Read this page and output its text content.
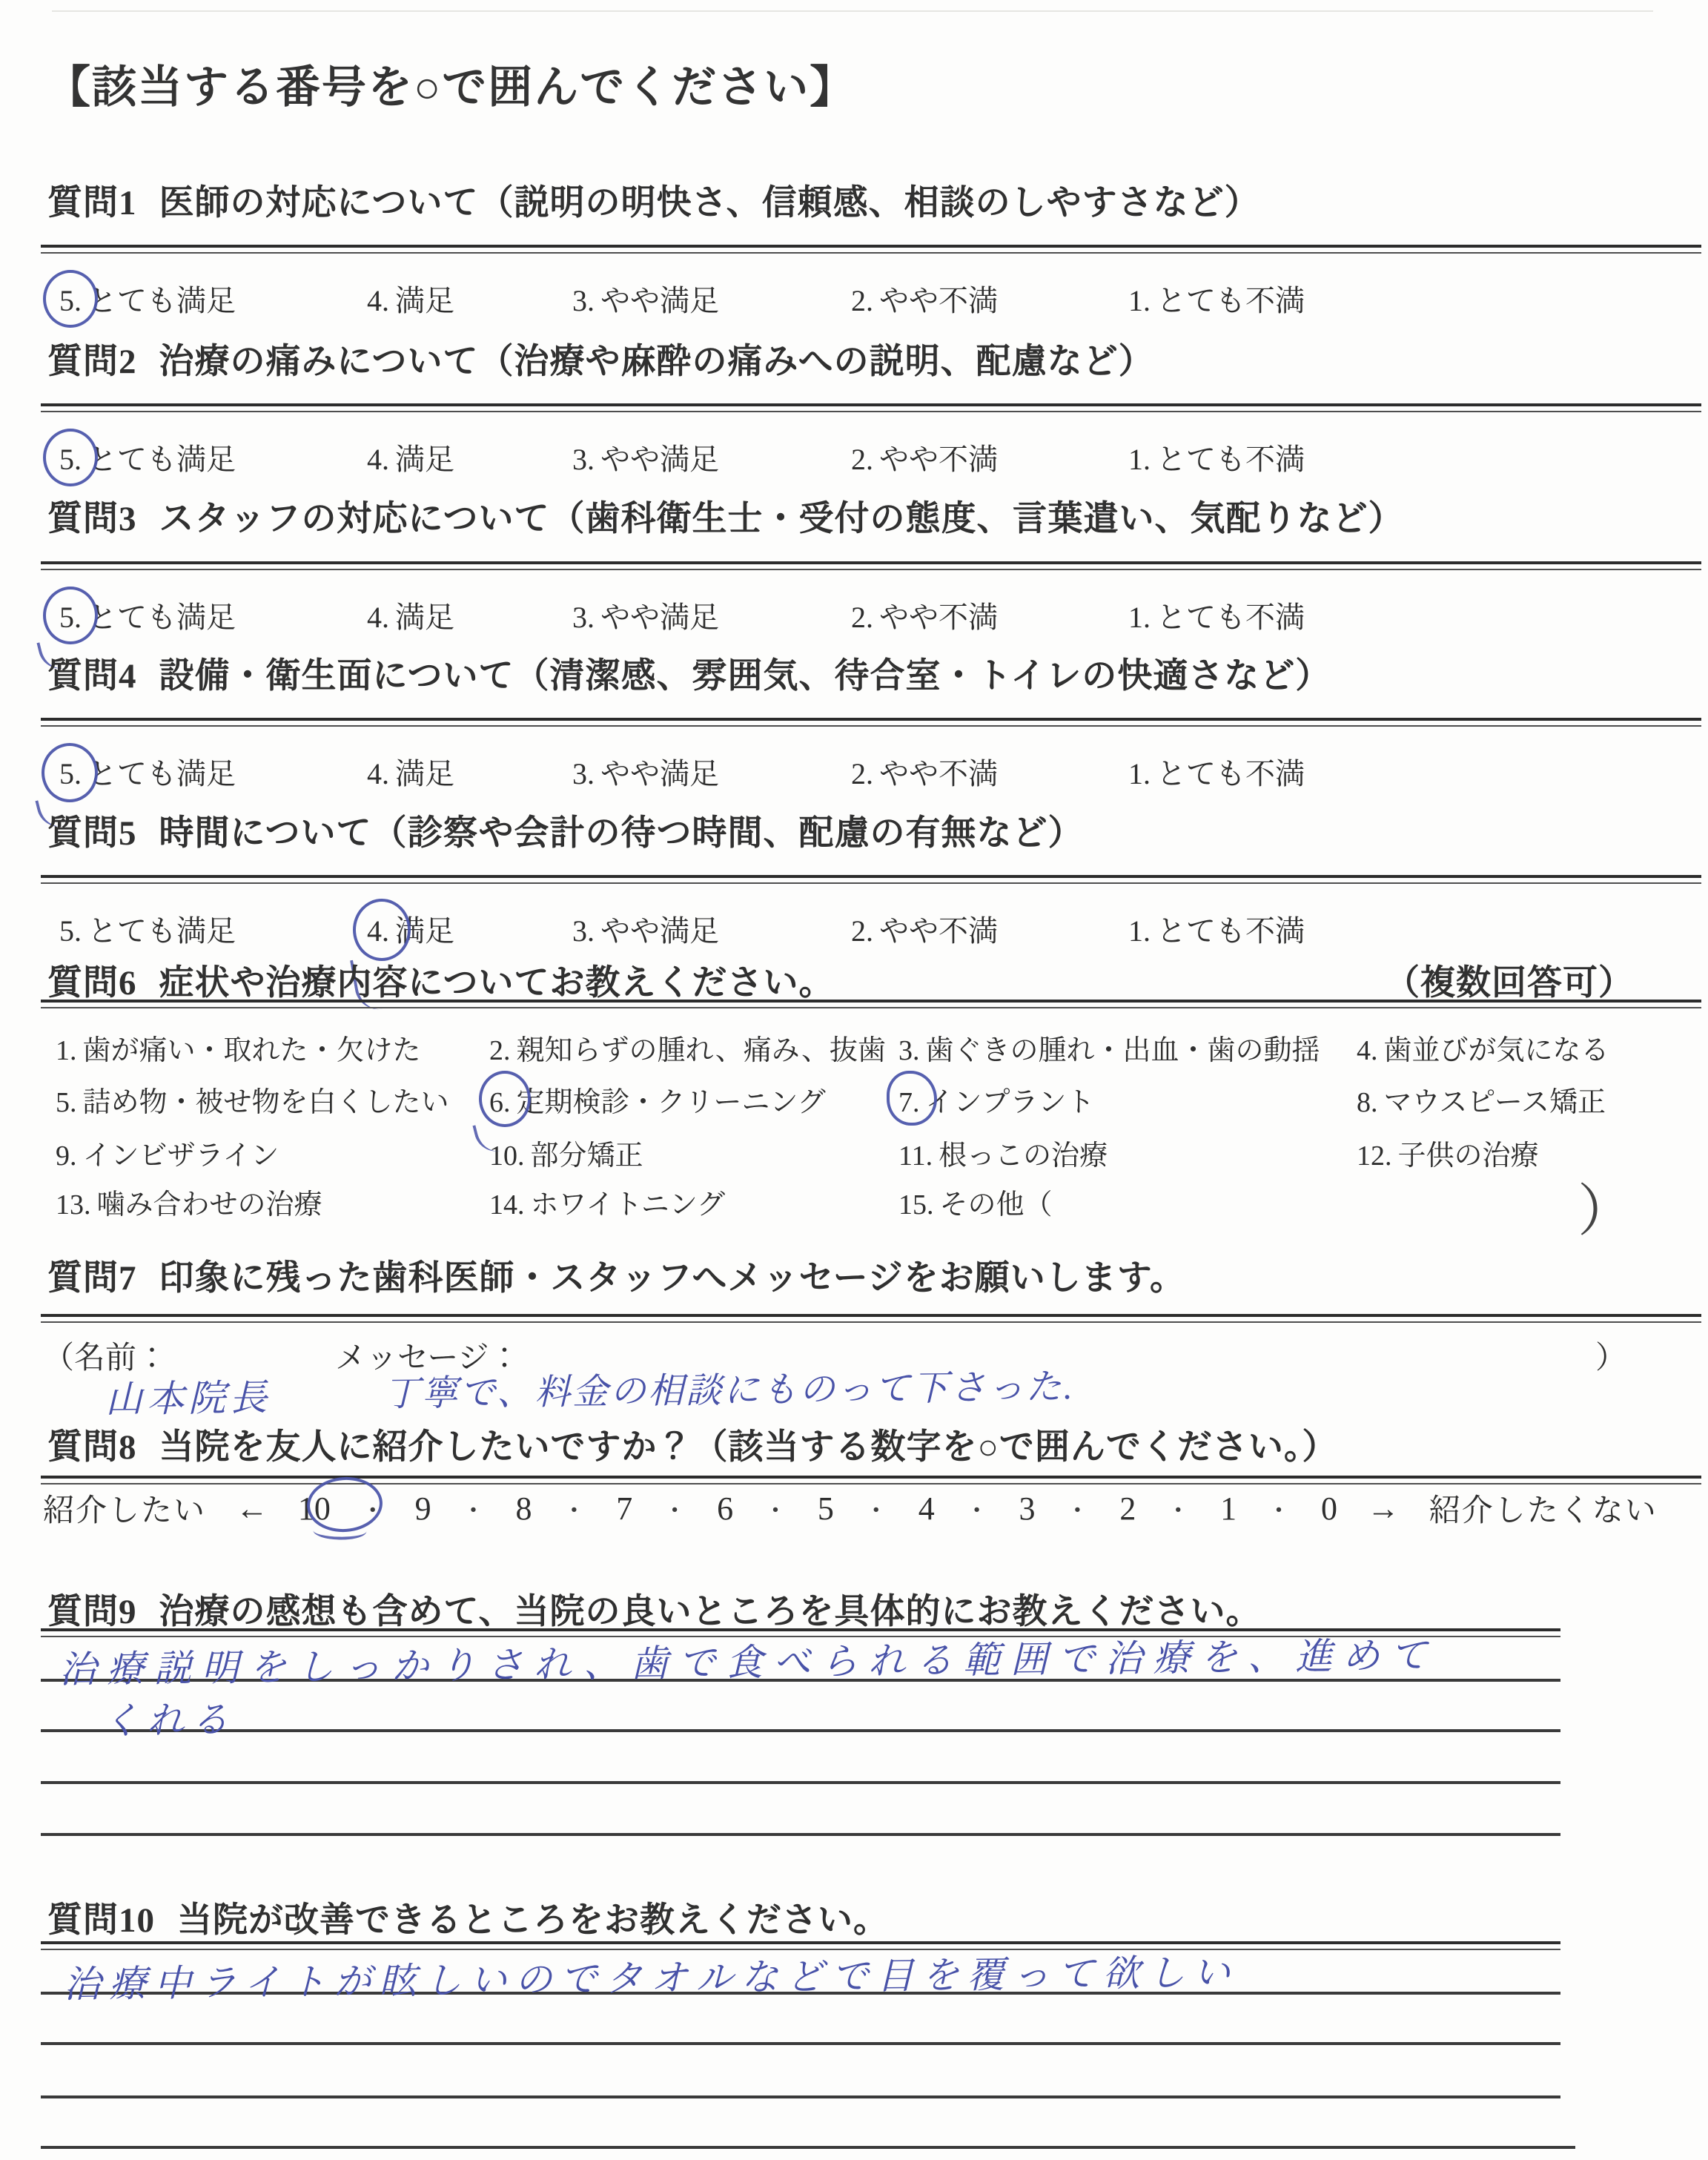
【該当する番号を○で囲んでください】
質問1 医師の対応について（説明の明快さ、信頼感、相談のしやすさなど）
5. とても満足	4. 満足	3. やや満足	2. やや不満	1. とても不満
質問2 治療の痛みについて（治療や麻酔の痛みへの説明、配慮など）
5. とても満足	4. 満足	3. やや満足	2. やや不満	1. とても不満
質問3 スタッフの対応について（歯科衛生士・受付の態度、言葉遣い、気配りなど）
5. とても満足	4. 満足	3. やや満足	2. やや不満	1. とても不満
質問4 設備・衛生面について（清潔感、雰囲気、待合室・トイレの快適さなど）
5. とても満足	4. 満足	3. やや満足	2. やや不満	1. とても不満
質問5 時間について（診察や会計の待つ時間、配慮の有無など）
5. とても満足	4. 満足	3. やや満足	2. やや不満	1. とても不満
質問6 症状や治療内容についてお教えください。	（複数回答可）
1. 歯が痛い・取れた・欠けた 2. 親知らずの腫れ、痛み、抜歯 3. 歯ぐきの腫れ・出血・歯の動揺 4. 歯並びが気になる
5. 詰め物・被せ物を白くしたい 6. 定期検診・クリーニング	7. インプラント	8. マウスピース矯正
9. インビザライン	10. 部分矯正	11. 根っこの治療	12. 子供の治療
13. 噛み合わせの治療	14. ホワイトニング	15. その他（	）
質問7 印象に残った歯科医師・スタッフへメッセージをお願いします。
（名前：	メッセージ：	）
山本院長	丁寧で、料金の相談にものって下さった.
質問8 当院を友人に紹介したいですか？（該当する数字を○で囲んでください。）
紹介したい ← 10 ・ 9 ・ 8 ・ 7 ・ 6 ・ 5 ・ 4 ・ 3 ・ 2 ・ 1 ・ 0 → 紹介したくない
質問9 治療の感想も含めて、当院の良いところを具体的にお教えください。
治療説明をしっかりされ、歯で食べられる範囲で治療を、進めて
くれる
質問10 当院が改善できるところをお教えください。
治療中ライトが眩しいのでタオルなどで目を覆って欲しい
